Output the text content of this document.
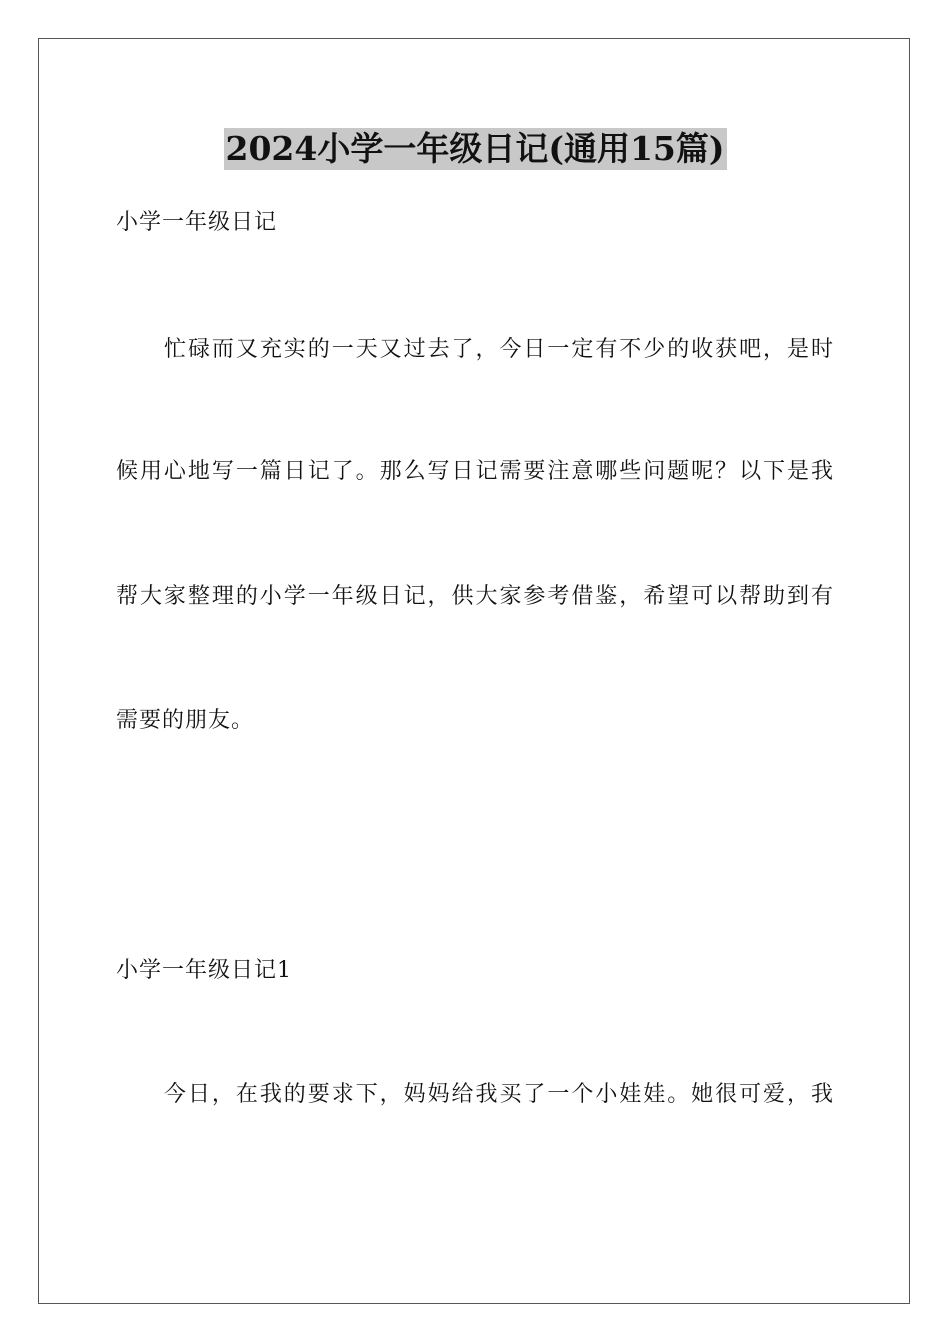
2024小学一年级日记(通用15篇)
小学一年级日记
忙碌而又充实的一天又过去了，今日一定有不少的收获吧，是时
候用心地写一篇日记了。那么写日记需要注意哪些问题呢？以下是我
帮大家整理的小学一年级日记，供大家参考借鉴，希望可以帮助到有
需要的朋友。
小学一年级日记1
今日，在我的要求下，妈妈给我买了一个小娃娃。她很可爱，我
